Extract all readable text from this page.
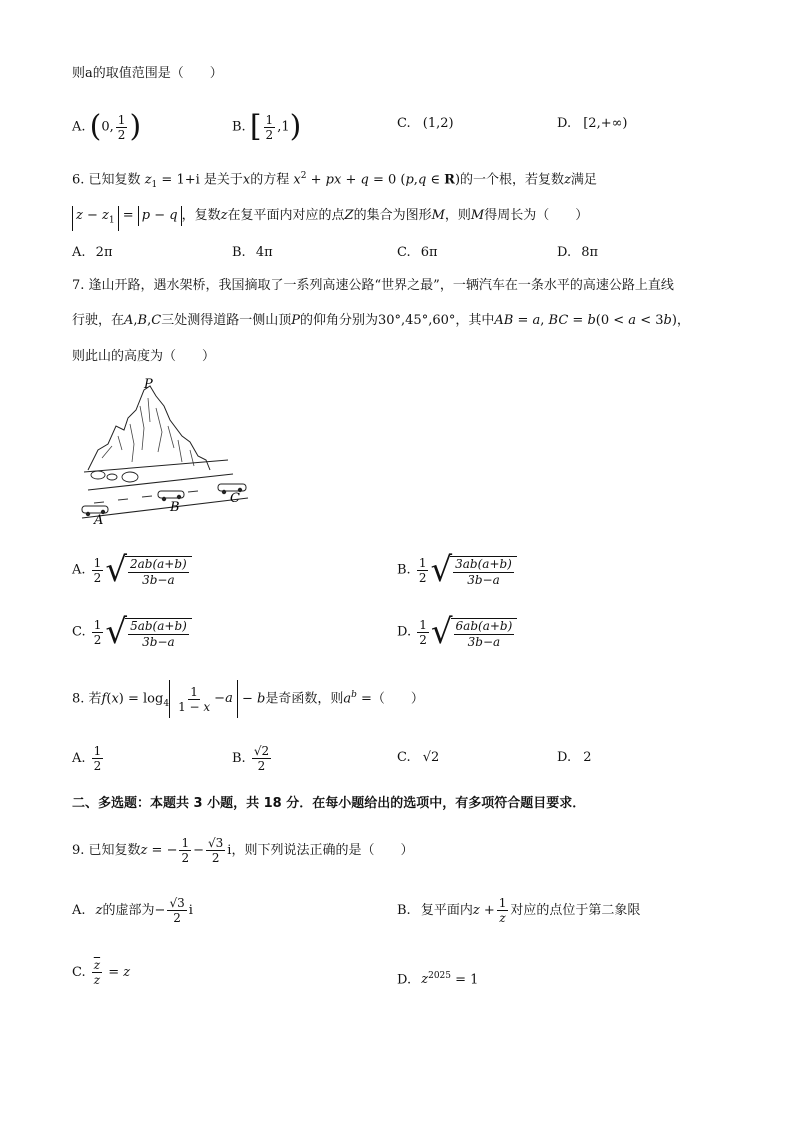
则a的取值范围是（　　）
A. (0, $\frac{1}{2}$ )	B. [ $\frac{1}{2} ,1$)	C. (1,2)	D. [2,+∞)
6. 已知复数 $z_1 = 1+i$ 是关于x的方程 $x^2$ + px + q = 0 (p,q ∈ R)的一个根，若复数z满足
$z - z_1 = p - q$ ，复数z在复平面内对应的点Z的集合为图形M，则M得周长为（　　）
A. 2π	B. 4π	C. 6π	D. 8π
7. 逢山开路，遇水架桥，我国摘取了一系列高速公路“世界之最”，一辆汽车在一条水平的高速公路上直线
行驶，在A,B,C三处测得道路一侧山顶P的仰角分别为30°,45°,60°，其中AB = a, BC = b(0 < a < 3b)，
则此山的高度为（　　）
P
A
B
C
A. $\frac{1}{2}$ √
$\frac{2ab(a+b)}{3b-a}$	B. $\frac{1}{2}$ √
$\frac{3ab(a+b)}{3b-a}$
C. $\frac{1}{2}$ √
$\frac{5ab(a+b)}{3b-a}$	D. $\frac{1}{2}$ √
$\frac{6ab(a+b)}{3b-a}$
8. 若$f(x) = \log_4 \frac{1}{1 - x} - a - b$是奇函数，则$a^b$ =（　　）
A. $\frac{1}{2}$	B. $\frac{√2}{2}$	C. √2	D. 2
二、多选题：本题共 3 小题，共 18 分．在每小题给出的选项中，有多项符合题目要求．
9. 已知复数z = − $\frac{1}{2} - \frac{√3}{2}$ i，则下列说法正确的是（　　）
A. z的虚部为− $\frac{√3}{2}$ i	B. 复平面内$z + \frac{1}{z}$ 对应的点位于第二象限
C. $\frac{\overline{z}}{z} = z$	D. $z^{2025} = 1$
